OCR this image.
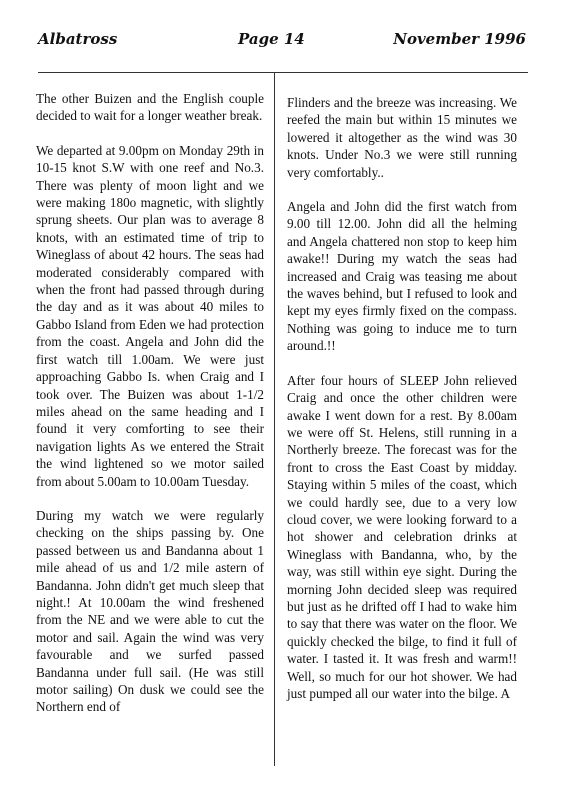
Albatross	Page 14	November 1996

The other Buizen and the English couple decided to wait for a longer weather break.

We departed at 9.00pm on Monday 29th in 10-15 knot S.W with one reef and No.3. There was plenty of moon light and we were making 180o magnetic, with slightly sprung sheets. Our plan was to average 8 knots, with an estimated time of trip to Wineglass of about 42 hours. The seas had moderated considerably compared with when the front had passed through during the day and as it was about 40 miles to Gabbo Island from Eden we had protection from the coast. Angela and John did the first watch till 1.00am. We were just approaching Gabbo Is. when Craig and I took over. The Buizen was about 1-1/2 miles ahead on the same heading and I found it very comforting to see their navigation lights As we entered the Strait the wind lightened so we motor sailed from about 5.00am to 10.00am Tuesday.

During my watch we were regularly checking on the ships passing by. One passed between us and Bandanna about 1 mile ahead of us and 1/2 mile astern of Bandanna. John didn't get much sleep that night.! At 10.00am the wind freshened from the NE and we were able to cut the motor and sail. Again the wind was very favourable and we surfed passed Bandanna under full sail. (He was still motor sailing) On dusk we could see the Northern end of

Flinders and the breeze was increasing. We reefed the main but within 15 minutes we lowered it altogether as the wind was 30 knots. Under No.3 we were still running very comfortably..

Angela and John did the first watch from 9.00 till 12.00. John did all the helming and Angela chattered non stop to keep him awake!! During my watch the seas had increased and Craig was teasing me about the waves behind, but I refused to look and kept my eyes firmly fixed on the compass. Nothing was going to induce me to turn around.!!

After four hours of SLEEP John relieved Craig and once the other children were awake I went down for a rest. By 8.00am we were off St. Helens, still running in a Northerly breeze. The forecast was for the front to cross the East Coast by midday. Staying within 5 miles of the coast, which we could hardly see, due to a very low cloud cover, we were looking forward to a hot shower and celebration drinks at Wineglass with Bandanna, who, by the way, was still within eye sight. During the morning John decided sleep was required but just as he drifted off I had to wake him to say that there was water on the floor. We quickly checked the bilge, to find it full of water. I tasted it. It was fresh and warm!! Well, so much for our hot shower. We had just pumped all our water into the bilge. A
